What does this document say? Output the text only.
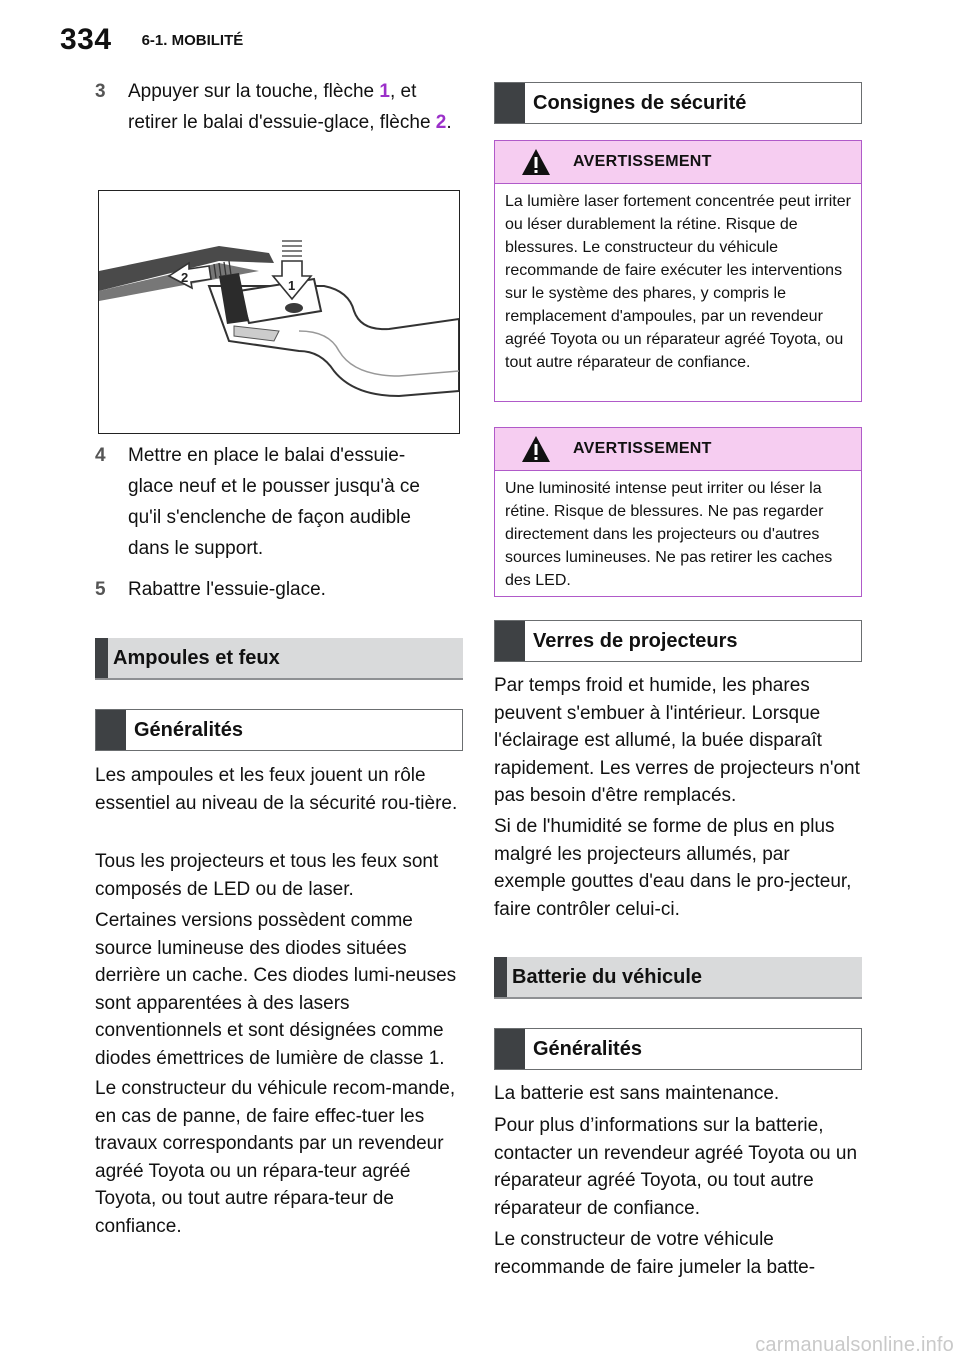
334 6-1. MOBILITÉ
3	Appuyer sur la touche, flèche 1, et retirer le balai d'essuie-glace, flèche 2.
1
2
4	Mettre en place le balai d'essuie-glace neuf et le pousser jusqu'à ce qu'il s'enclenche de façon audible dans le support.
5	Rabattre l'essuie-glace.
Ampoules et feux
Généralités
Les ampoules et les feux jouent un rôle essentiel au niveau de la sécurité rou-tière.
Tous les projecteurs et tous les feux sont composés de LED ou de laser.
Certaines versions possèdent comme source lumineuse des diodes situées derrière un cache. Ces diodes lumi-neuses sont apparentées à des lasers conventionnels et sont désignées comme diodes émettrices de lumière de classe 1.
Le constructeur du véhicule recom-mande, en cas de panne, de faire effec-tuer les travaux correspondants par un revendeur agréé Toyota ou un répara-teur agréé Toyota, ou tout autre répara-teur de confiance.
Consignes de sécurité
AVERTISSEMENT
La lumière laser fortement concentrée peut irriter ou léser durablement la rétine. Risque de blessures. Le constructeur du véhicule recommande de faire exécuter les interventions sur le système des phares, y compris le remplacement d'ampoules, par un revendeur agréé Toyota ou un réparateur agréé Toyota, ou tout autre réparateur de confiance.
AVERTISSEMENT
Une luminosité intense peut irriter ou léser la rétine. Risque de blessures. Ne pas regarder directement dans les projecteurs ou d'autres sources lumineuses. Ne pas retirer les caches des LED.
Verres de projecteurs
Par temps froid et humide, les phares peuvent s'embuer à l'intérieur. Lorsque l'éclairage est allumé, la buée disparaît rapidement. Les verres de projecteurs n'ont pas besoin d'être remplacés.
Si de l'humidité se forme de plus en plus malgré les projecteurs allumés, par exemple gouttes d'eau dans le pro-jecteur, faire contrôler celui-ci.
Batterie du véhicule
Généralités
La batterie est sans maintenance.
Pour plus d’informations sur la batterie, contacter un revendeur agréé Toyota ou un réparateur agréé Toyota, ou tout autre réparateur de confiance.
Le constructeur de votre véhicule recommande de faire jumeler la batte-
carmanualsonline.info
